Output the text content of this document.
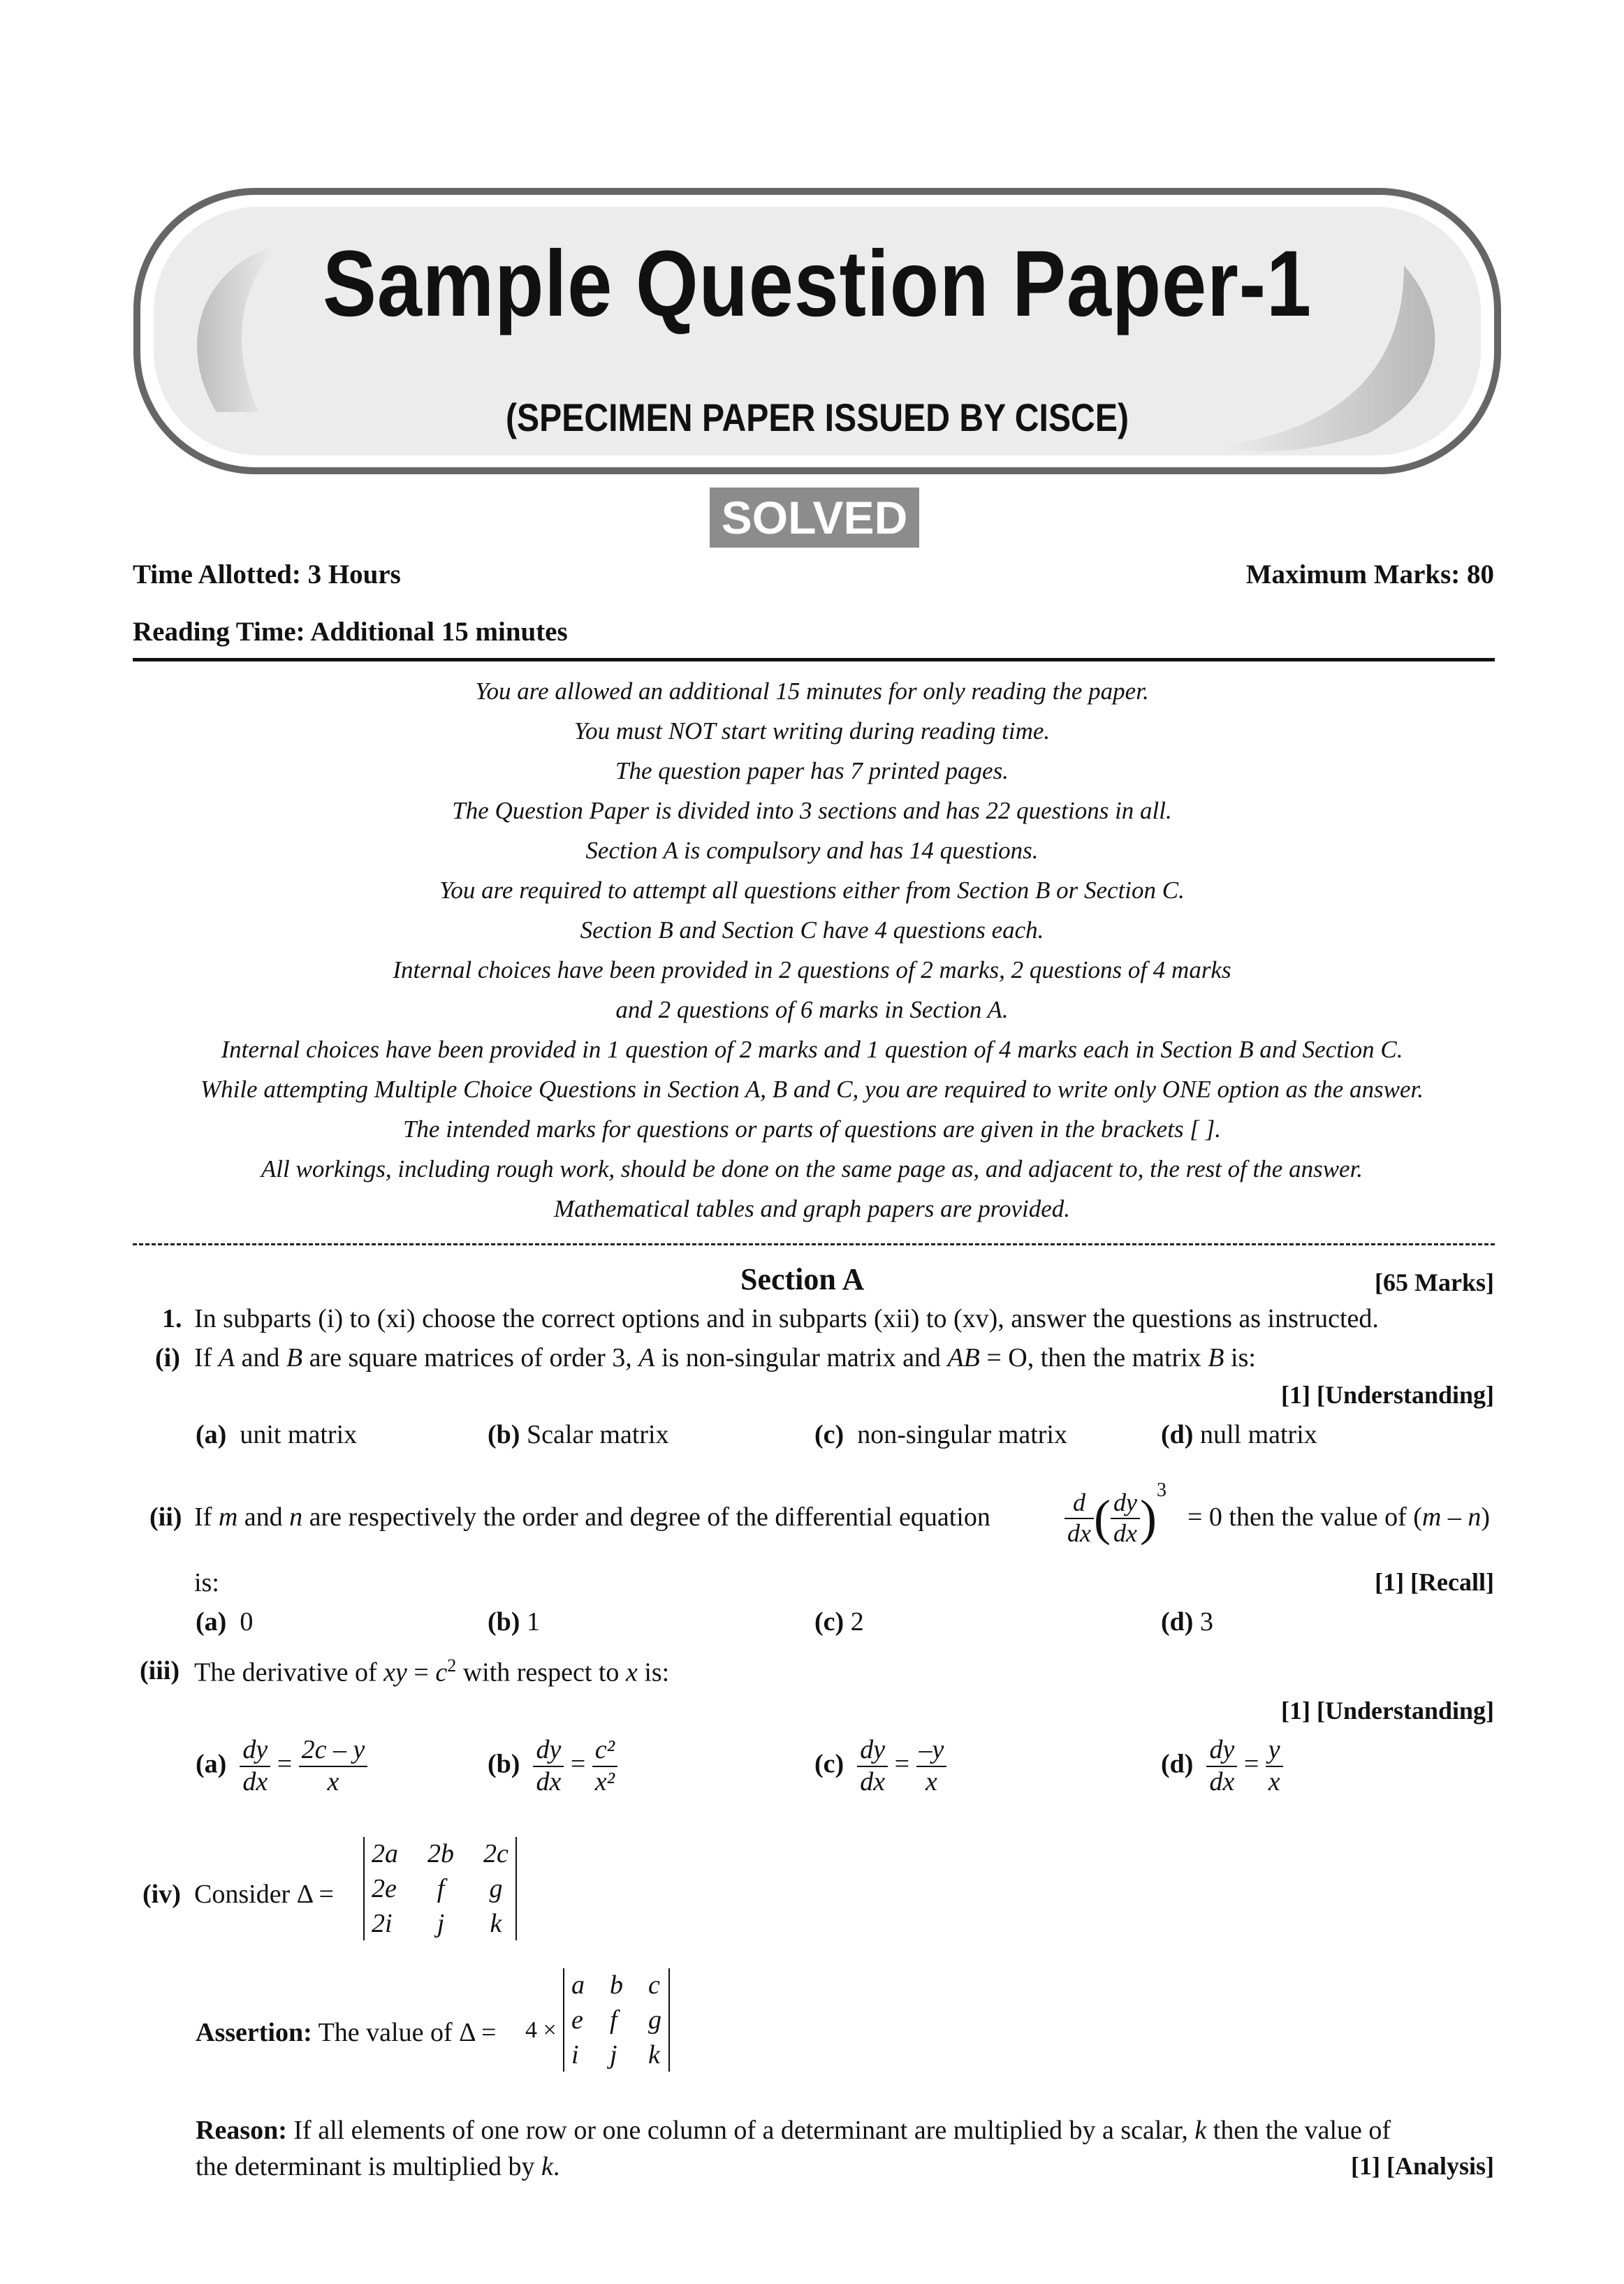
Sample Question Paper-1
(SPECIMEN PAPER ISSUED BY CISCE)
SOLVED
Time Allotted: 3 Hours	Maximum Marks: 80
Reading Time: Additional 15 minutes
You are allowed an additional 15 minutes for only reading the paper.
You must NOT start writing during reading time.
The question paper has 7 printed pages.
The Question Paper is divided into 3 sections and has 22 questions in all.
Section A is compulsory and has 14 questions.
You are required to attempt all questions either from Section B or Section C.
Section B and Section C have 4 questions each.
Internal choices have been provided in 2 questions of 2 marks, 2 questions of 4 marks
and 2 questions of 6 marks in Section A.
Internal choices have been provided in 1 question of 2 marks and 1 question of 4 marks each in Section B and Section C.
While attempting Multiple Choice Questions in Section A, B and C, you are required to write only ONE option as the answer.
The intended marks for questions or parts of questions are given in the brackets [ ].
All workings, including rough work, should be done on the same page as, and adjacent to, the rest of the answer.
Mathematical tables and graph papers are provided.
Section A	[65 Marks]
1. In subparts (i) to (xi) choose the correct options and in subparts (xii) to (xv), answer the questions as instructed.
(i) If A and B are square matrices of order 3, A is non-singular matrix and AB = O, then the matrix B is:
[1] [Understanding]
(a) unit matrix	(b) Scalar matrix	(c) non-singular matrix	(d) null matrix
(ii) If m and n are respectively the order and degree of the differential equation	$\frac{d}{dx}$ ( $\frac{dy}{dx} )^3$
= 0 then the value of (m – n)
is:	[1] [Recall]
(a) 0	(b) 1	(c) 2	(d) 3
(iii) The derivative of xy = $c^2$ with respect to x is:
[1] [Understanding]
$(a) \frac{dy}{dx} = \frac{2c - y}{x}$	$(b) \frac{dy}{dx} = \frac{\text{c²}}{\text{x²}}$	$(c) \frac{dy}{dx} = \frac{-y}{x}$	$(d) \frac{dy}{dx} = \frac{y}{x}$
(iv) Consider Δ =
2a 2b 2c
2e	f	g
2i	j	k
Assertion: The value of Δ = 4 ×
a b c
e f g
i j k
Reason: If all elements of one row or one column of a determinant are multiplied by a scalar, k then the value of
the determinant is multiplied by k.	[1] [Analysis]
